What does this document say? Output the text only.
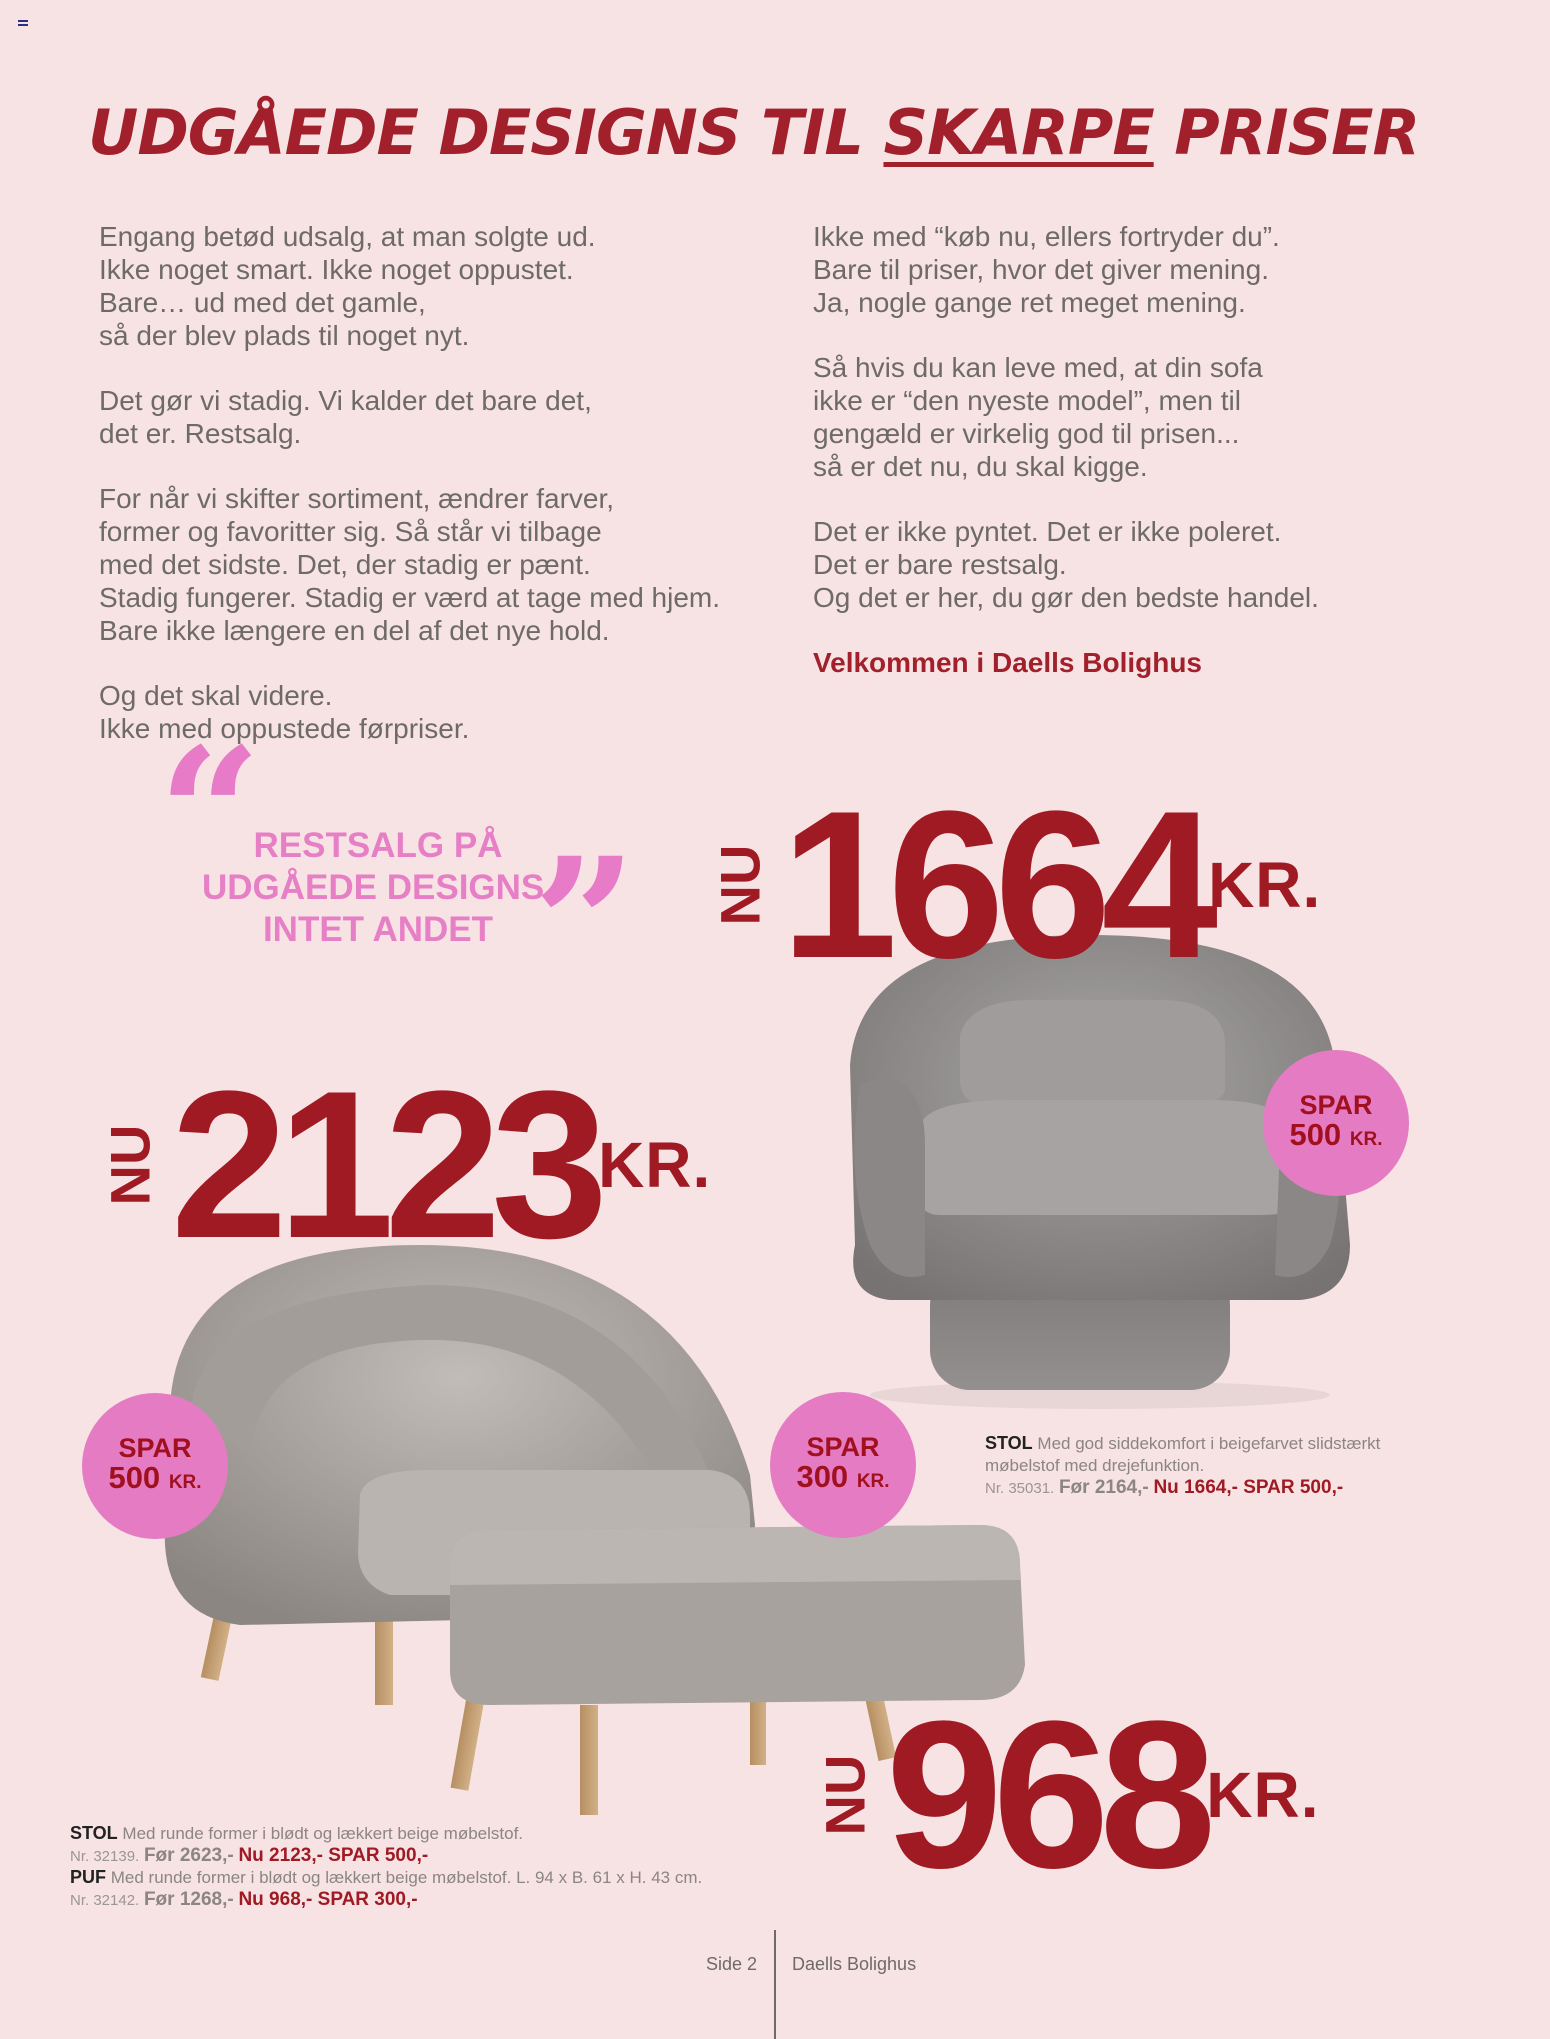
UDGÅEDE DESIGNS TIL SKARPE PRISER

Engang betød udsalg, at man solgte ud.
Ikke noget smart. Ikke noget oppustet.
Bare… ud med det gamle,
så der blev plads til noget nyt.

Det gør vi stadig. Vi kalder det bare det,
det er. Restsalg.

For når vi skifter sortiment, ændrer farver,
former og favoritter sig. Så står vi tilbage
med det sidste. Det, der stadig er pænt.
Stadig fungerer. Stadig er værd at tage med hjem.
Bare ikke længere en del af det nye hold.

Og det skal videre.
Ikke med oppustede førpriser.

Ikke med “køb nu, ellers fortryder du”.
Bare til priser, hvor det giver mening.
Ja, nogle gange ret meget mening.

Så hvis du kan leve med, at din sofa
ikke er “den nyeste model”, men til
gengæld er virkelig god til prisen...
så er det nu, du skal kigge.

Det er ikke pyntet. Det er ikke poleret.
Det er bare restsalg.
Og det er her, du gør den bedste handel.

Velkommen i Daells Bolighus

“
RESTSALG PÅ UDGÅEDE DESIGNS. INTET ANDET ” NU1664KR.
SPAR
500 KR.
STOL Med god siddekomfort i beigefarvet slidstærkt møbelstof med drejefunktion.
Nr. 35031. Før 2164,- Nu 1664,- SPAR 500,-
NU2123KR.
SPAR
500 KR.
SPAR
300 KR.
NU968KR.
STOL Med runde former i blødt og lækkert beige møbelstof.
Nr. 32139. Før 2623,- Nu 2123,- SPAR 500,-
PUF Med runde former i blødt og lækkert beige møbelstof. L. 94 x B. 61 x H. 43 cm.
Nr. 32142. Før 1268,- Nu 968,- SPAR 300,-
Side 2 Daells Bolighus
